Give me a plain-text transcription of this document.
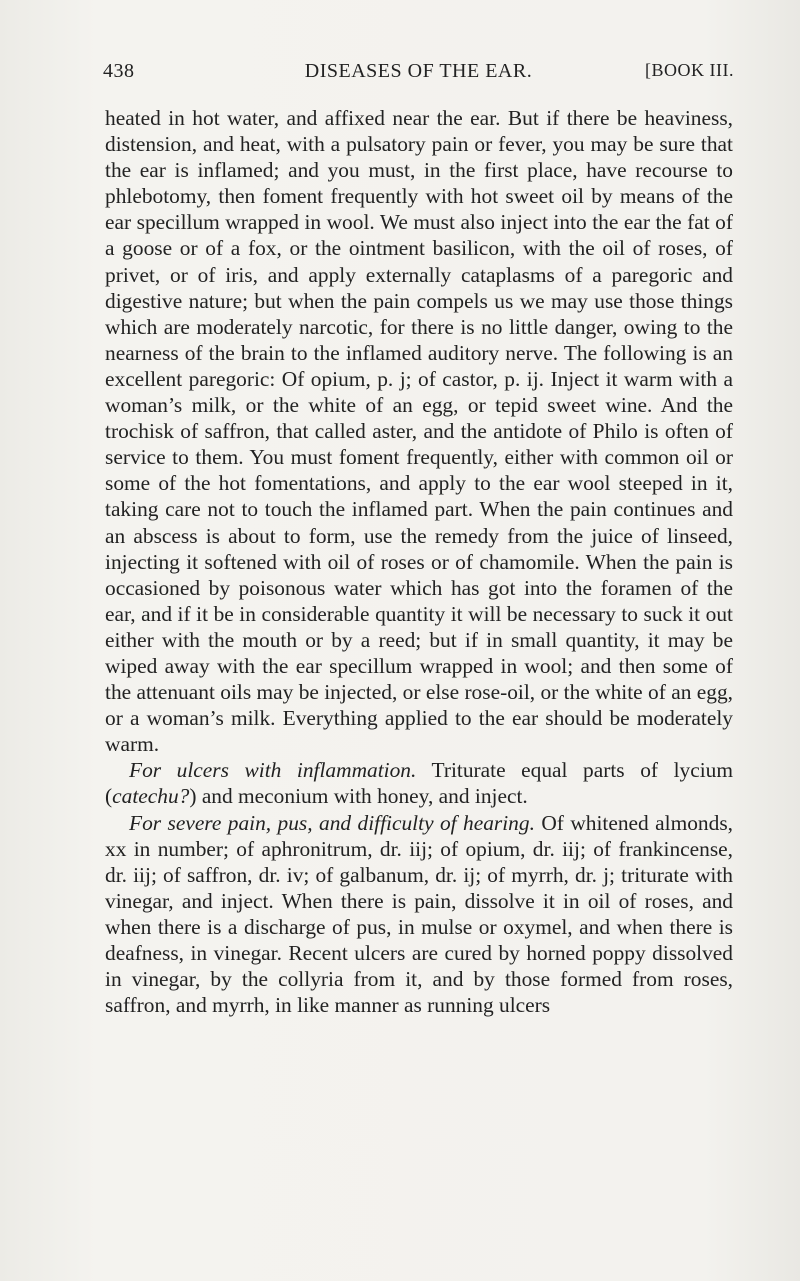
438	DISEASES OF THE EAR.	[BOOK III.

heated in hot water, and affixed near the ear. But if there be heaviness, distension, and heat, with a pulsatory pain or fever, you may be sure that the ear is inflamed; and you must, in the first place, have recourse to phlebotomy, then foment frequently with hot sweet oil by means of the ear specillum wrapped in wool. We must also inject into the ear the fat of a goose or of a fox, or the ointment basilicon, with the oil of roses, of privet, or of iris, and apply externally cataplasms of a paregoric and digestive nature; but when the pain compels us we may use those things which are moderately narcotic, for there is no little danger, owing to the nearness of the brain to the inflamed auditory nerve. The following is an excellent paregoric: Of opium, p. j; of castor, p. ij. Inject it warm with a woman’s milk, or the white of an egg, or tepid sweet wine. And the trochisk of saffron, that called aster, and the antidote of Philo is often of service to them. You must foment frequently, either with common oil or some of the hot fomentations, and apply to the ear wool steeped in it, taking care not to touch the inflamed part. When the pain continues and an abscess is about to form, use the remedy from the juice of linseed, injecting it softened with oil of roses or of chamomile. When the pain is occasioned by poisonous water which has got into the foramen of the ear, and if it be in considerable quantity it will be necessary to suck it out either with the mouth or by a reed; but if in small quantity, it may be wiped away with the ear specillum wrapped in wool; and then some of the attenuant oils may be injected, or else rose-oil, or the white of an egg, or a woman’s milk. Everything applied to the ear should be moderately warm.

For ulcers with inflammation. Triturate equal parts of lycium (catechu?) and meconium with honey, and inject.

For severe pain, pus, and difficulty of hearing. Of whitened almonds, xx in number; of aphronitrum, dr. iij; of opium, dr. iij; of frankincense, dr. iij; of saffron, dr. iv; of galbanum, dr. ij; of myrrh, dr. j; triturate with vinegar, and inject. When there is pain, dissolve it in oil of roses, and when there is a discharge of pus, in mulse or oxymel, and when there is deafness, in vinegar. Recent ulcers are cured by horned poppy dissolved in vinegar, by the collyria from it, and by those formed from roses, saffron, and myrrh, in like manner as running ulcers
